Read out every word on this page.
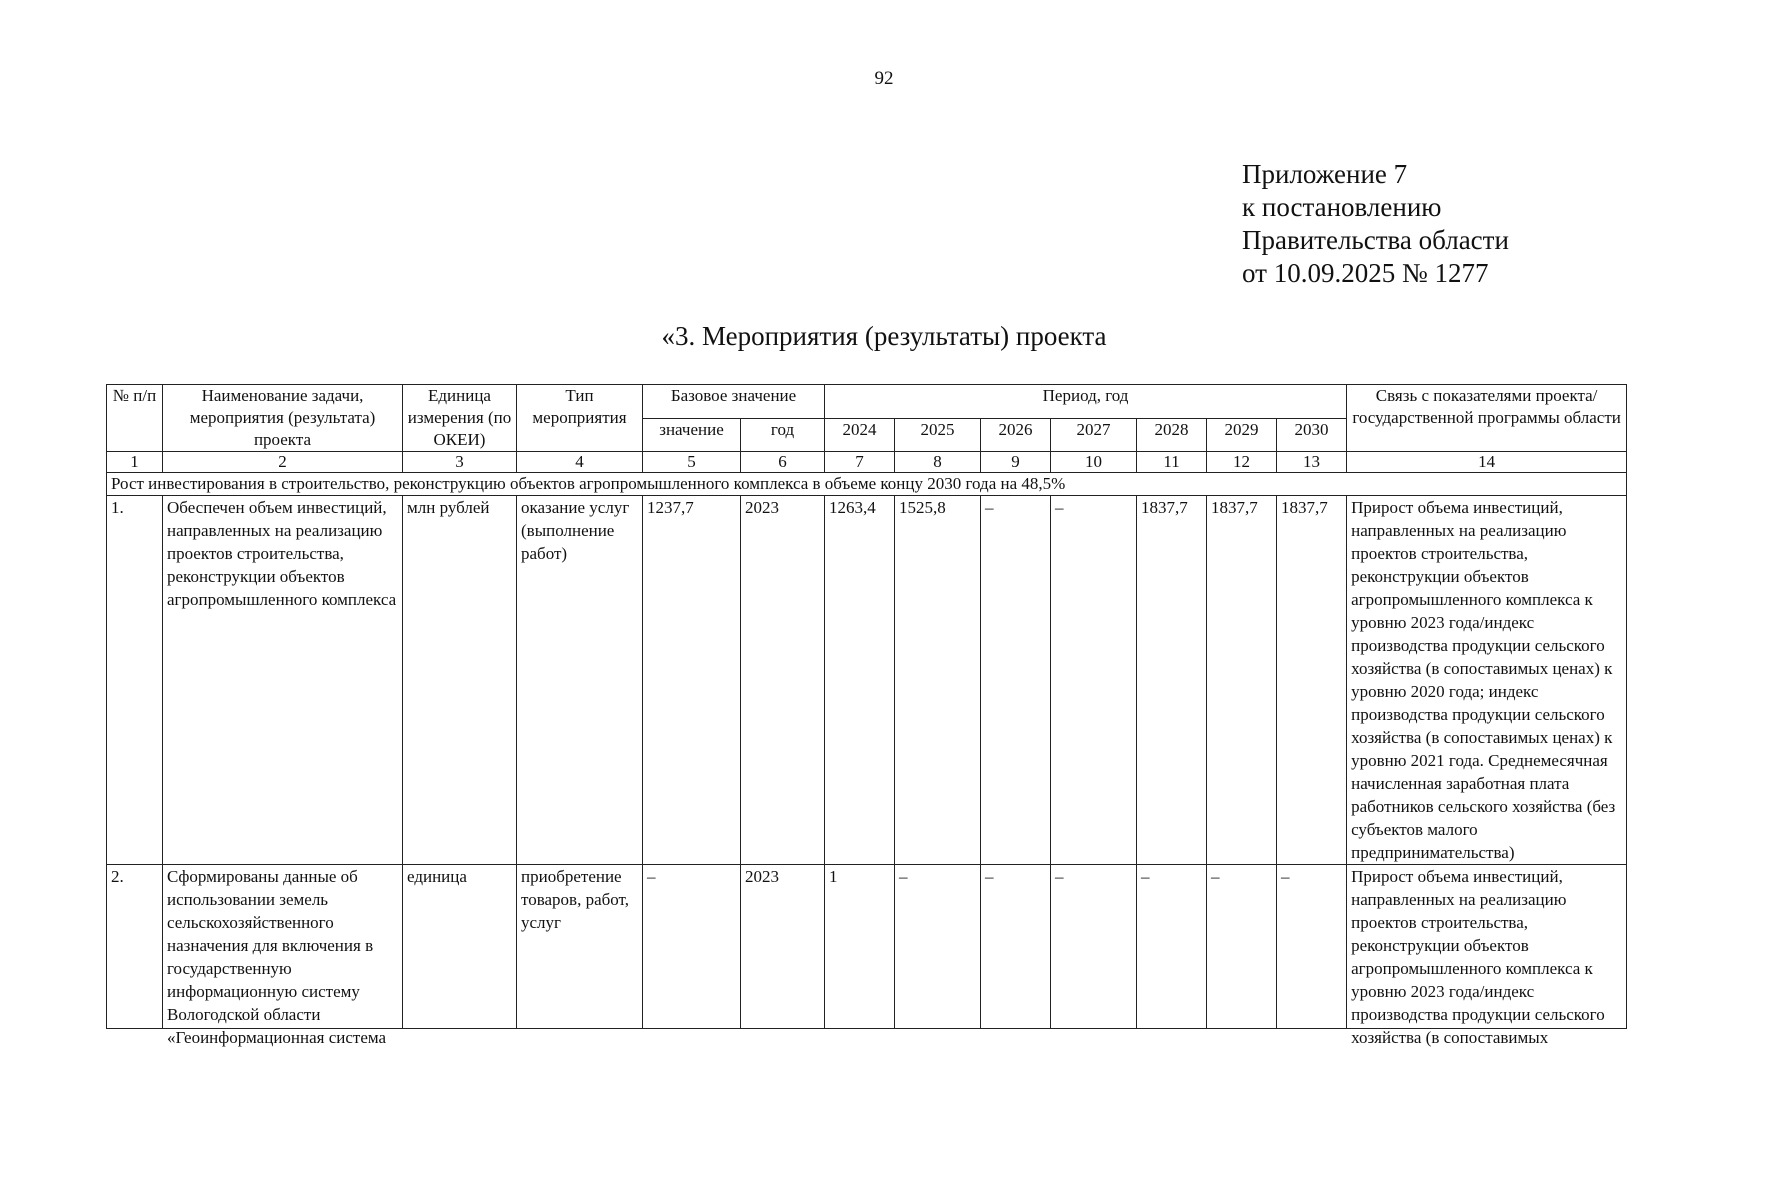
92
Приложение 7
к постановлению
Правительства области
от 10.09.2025 № 1277
«3. Мероприятия (результаты) проекта
№ п/п	Наименование задачи, мероприятия (результата) проекта	Единица измерения (по ОКЕИ)	Тип мероприятия	Базовое значение		Период, год							Связь с показателями проекта/государственной программы области
				значение	год	2024	2025	2026	2027	2028	2029	2030	
1	2	3	4	5	6	7	8	9	10	11	12	13	14
Рост инвестирования в строительство, реконструкцию объектов агропромышленного комплекса в объеме концу 2030 года на 48,5%													
1.	Обеспечен объем инвестиций, направленных на реализацию проектов строительства, реконструкции объектов агропромышленного комплекса	млн рублей	оказание услуг (выполнение работ)	1237,7	2023	1263,4	1525,8	–	–	1837,7	1837,7	1837,7	Прирост объема инвестиций, направленных на реализацию проектов строительства, реконструкции объектов агропромышленного комплекса к уровню 2023 года/индекс производства продукции сельского хозяйства (в сопоставимых ценах) к уровню 2020 года; индекс производства продукции сельского хозяйства (в сопоставимых ценах) к уровню 2021 года. Среднемесячная начисленная заработная плата работников сельского хозяйства (без субъектов малого предпринимательства)
2.	Сформированы данные об использовании земель сельскохозяйственного назначения для включения в государственную информационную систему Вологодской области «Геоинформационная система	единица	приобретение товаров, работ, услуг	–	2023	1	–	–	–	–	–	–	Прирост объема инвестиций, направленных на реализацию проектов строительства, реконструкции объектов агропромышленного комплекса к уровню 2023 года/индекс производства продукции сельского хозяйства (в сопоставимых
